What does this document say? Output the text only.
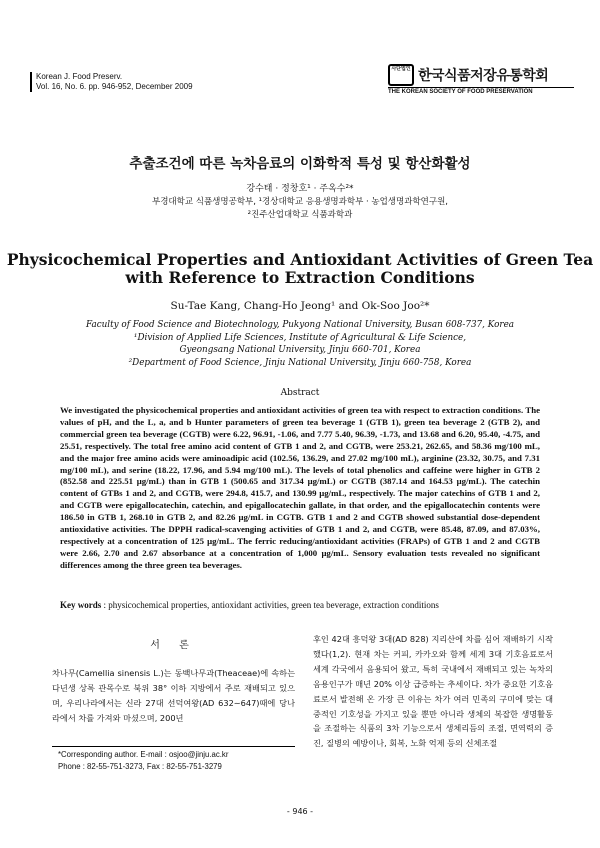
Korean J. Food Preserv.
Vol. 16, No. 6. pp. 946-952, December 2009
사단법인 한국식품저장유통학회
THE KOREAN SOCIETY OF FOOD PRESERVATION
추출조건에 따른 녹차음료의 이화학적 특성 및 항산화활성
강수태 · 정창호¹ · 주옥수²*
부경대학교 식품생명공학부, ¹경상대학교 응용생명과학부 · 농업생명과학연구원,
²진주산업대학교 식품과학과
Physicochemical Properties and Antioxidant Activities of Green Tea
with Reference to Extraction Conditions
Su-Tae Kang, Chang-Ho Jeong¹ and Ok-Soo Joo²*
Faculty of Food Science and Biotechnology, Pukyong National University, Busan 608-737, Korea
¹Division of Applied Life Sciences, Institute of Agricultural & Life Science,
Gyeongsang National University, Jinju 660-701, Korea
²Department of Food Science, Jinju National University, Jinju 660-758, Korea
Abstract
We investigated the physicochemical properties and antioxidant activities of green tea with respect to extraction conditions. The values of pH, and the L, a, and b Hunter parameters of green tea beverage 1 (GTB 1), green tea beverage 2 (GTB 2), and commercial green tea beverage (CGTB) were 6.22, 96.91, -1.06, and 7.77 5.40, 96.39, -1.73, and 13.68 and 6.20, 95.40, -4.75, and 25.51, respectively. The total free amino acid content of GTB 1 and 2, and CGTB, were 253.21, 262.65, and 58.36 mg/100 mL, and the major free amino acids were aminoadipic acid (102.56, 136.29, and 27.02 mg/100 mL), arginine (23.32, 30.75, and 7.31 mg/100 mL), and serine (18.22, 17.96, and 5.94 mg/100 mL). The levels of total phenolics and caffeine were higher in GTB 2 (852.58 and 225.51 μg/mL) than in GTB 1 (500.65 and 317.34 μg/mL) or CGTB (387.14 and 164.53 μg/mL). The catechin content of GTBs 1 and 2, and CGTB, were 294.8, 415.7, and 130.99 μg/mL, respectively. The major catechins of GTB 1 and 2, and CGTB were epigallocatechin, catechin, and epigallocatechin gallate, in that order, and the epigallocatechin contents were 186.50 in GTB 1, 268.10 in GTB 2, and 82.26 μg/mL in CGTB. GTB 1 and 2 and CGTB showed substantial dose-dependent antioxidative activities. The DPPH radical-scavenging activities of GTB 1 and 2, and CGTB, were 85.48, 87.09, and 87.03%, respectively at a concentration of 125 μg/mL. The ferric reducing/antioxidant activities (FRAPs) of GTB 1 and 2 and CGTB were 2.66, 2.70 and 2.67 absorbance at a concentration of 1,000 μg/mL. Sensory evaluation tests revealed no significant differences among the three green tea beverages.
Key words : physicochemical properties, antioxidant activities, green tea beverage, extraction conditions
서 론
차나무(Camellia sinensis L.)는 동백나무과(Theaceae)에 속하는 다년생 상록 관목수로 북위 38° 이하 지방에서 주로 재배되고 있으며, 우리나라에서는 신라 27대 선덕여왕(AD 632∼647)때에 당나라에서 차를 가져와 마셨으며, 200년
후인 42대 흥덕왕 3대(AD 828) 지리산에 차를 심어 재배하기 시작했다(1,2). 현재 차는 커피, 카카오와 함께 세계 3대 기호음료로서 세계 각국에서 음용되어 왔고, 특히 국내에서 재배되고 있는 녹차의 음용인구가 매년 20% 이상 급증하는 추세이다. 차가 중요한 기호음료로서 발전해 온 가장 큰 이유는 차가 여러 민족의 구미에 맞는 대중적인 기호성을 가지고 있을 뿐만 아니라 생체의 복잡한 생명활동을 조절하는 식품의 3차 기능으로서 생체리듬의 조절, 면역력의 증진, 질병의 예방이나, 회복, 노화 억제 등의 신체조절
*Corresponding author. E-mail : osjoo@jinju.ac.kr
Phone : 82-55-751-3273, Fax : 82-55-751-3279
- 946 -
